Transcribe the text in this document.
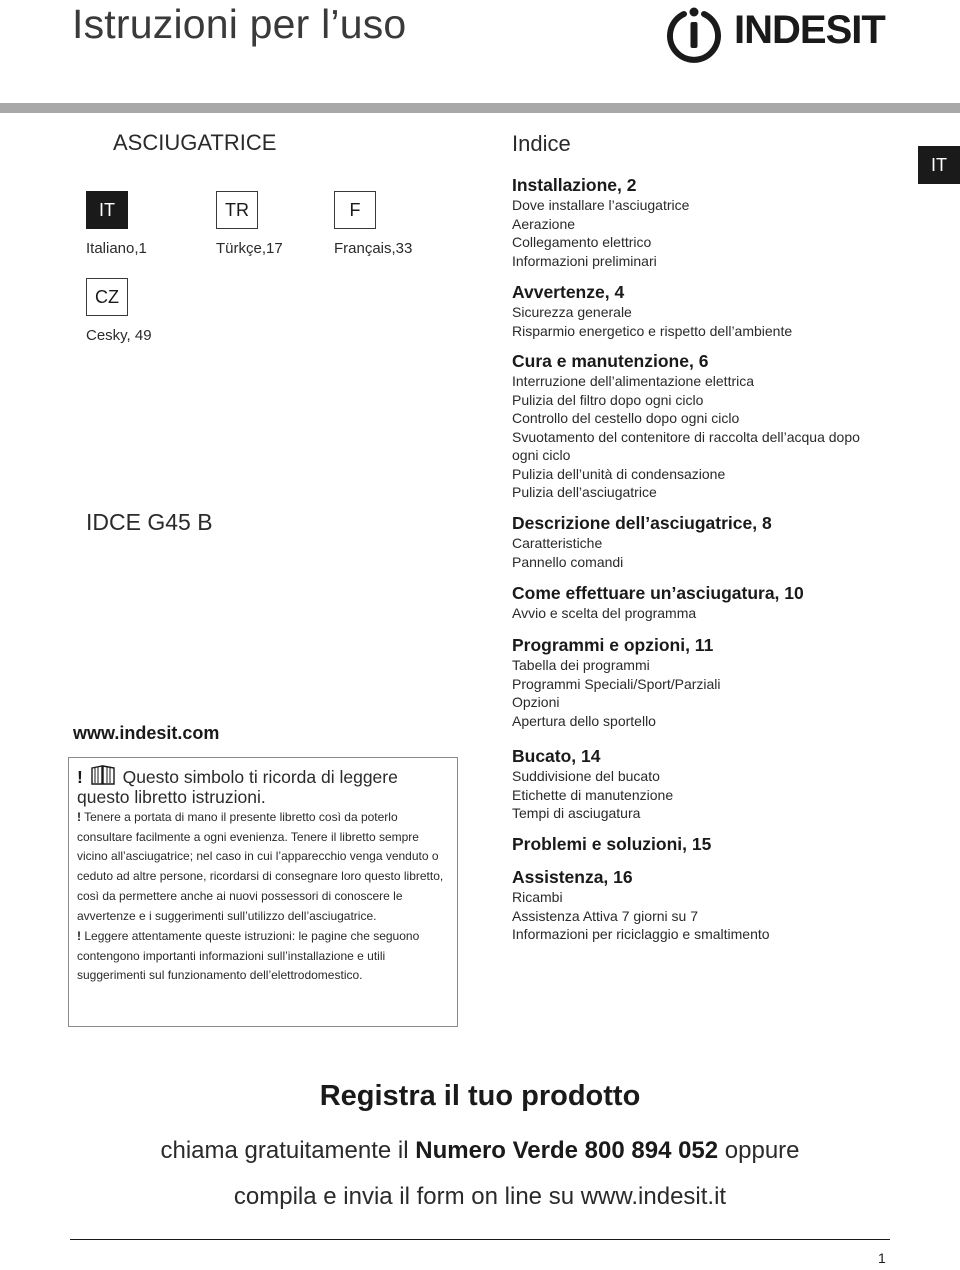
Istruzioni per l’uso	INDESIT
ASCIUGATRICE
IT
Italiano,1
TR
Türkçe,17
F
Français,33
CZ
Cesky, 49
IDCE G45 B
www.indesit.com
! Questo simbolo ti ricorda di leggere questo libretto istruzioni.
! Tenere a portata di mano il presente libretto così da poterlo consultare facilmente a ogni evenienza. Tenere il libretto sempre vicino all’asciugatrice; nel caso in cui l’apparecchio venga venduto o ceduto ad altre persone, ricordarsi di consegnare loro questo libretto, così da permettere anche ai nuovi possessori di conoscere le avvertenze e i suggerimenti sull’utilizzo dell’asciugatrice.
! Leggere attentamente queste istruzioni: le pagine che seguono contengono importanti informazioni sull’installazione e utili suggerimenti sul funzionamento dell’elettrodomestico.
IT
Indice
Installazione, 2
Dove installare l’asciugatrice
Aerazione
Collegamento elettrico
Informazioni preliminari
Avvertenze, 4
Sicurezza generale
Risparmio energetico e rispetto dell’ambiente
Cura e manutenzione, 6
Interruzione dell’alimentazione elettrica
Pulizia del filtro dopo ogni ciclo
Controllo del cestello dopo ogni ciclo
Svuotamento del contenitore di raccolta dell’acqua dopo
ogni ciclo
Pulizia dell’unità di condensazione
Pulizia dell’asciugatrice
Descrizione dell’asciugatrice, 8
Caratteristiche
Pannello comandi
Come effettuare un’asciugatura, 10
Avvio e scelta del programma
Programmi e opzioni, 11
Tabella dei programmi
Programmi Speciali/Sport/Parziali
Opzioni
Apertura dello sportello
Bucato, 14
Suddivisione del bucato
Etichette di manutenzione
Tempi di asciugatura
Problemi e soluzioni, 15
Assistenza, 16
Ricambi
Assistenza Attiva 7 giorni su 7
Informazioni per riciclaggio e smaltimento
Registra il tuo prodotto
chiama gratuitamente il Numero Verde 800 894 052 oppure
compila e invia il form on line su www.indesit.it
1
